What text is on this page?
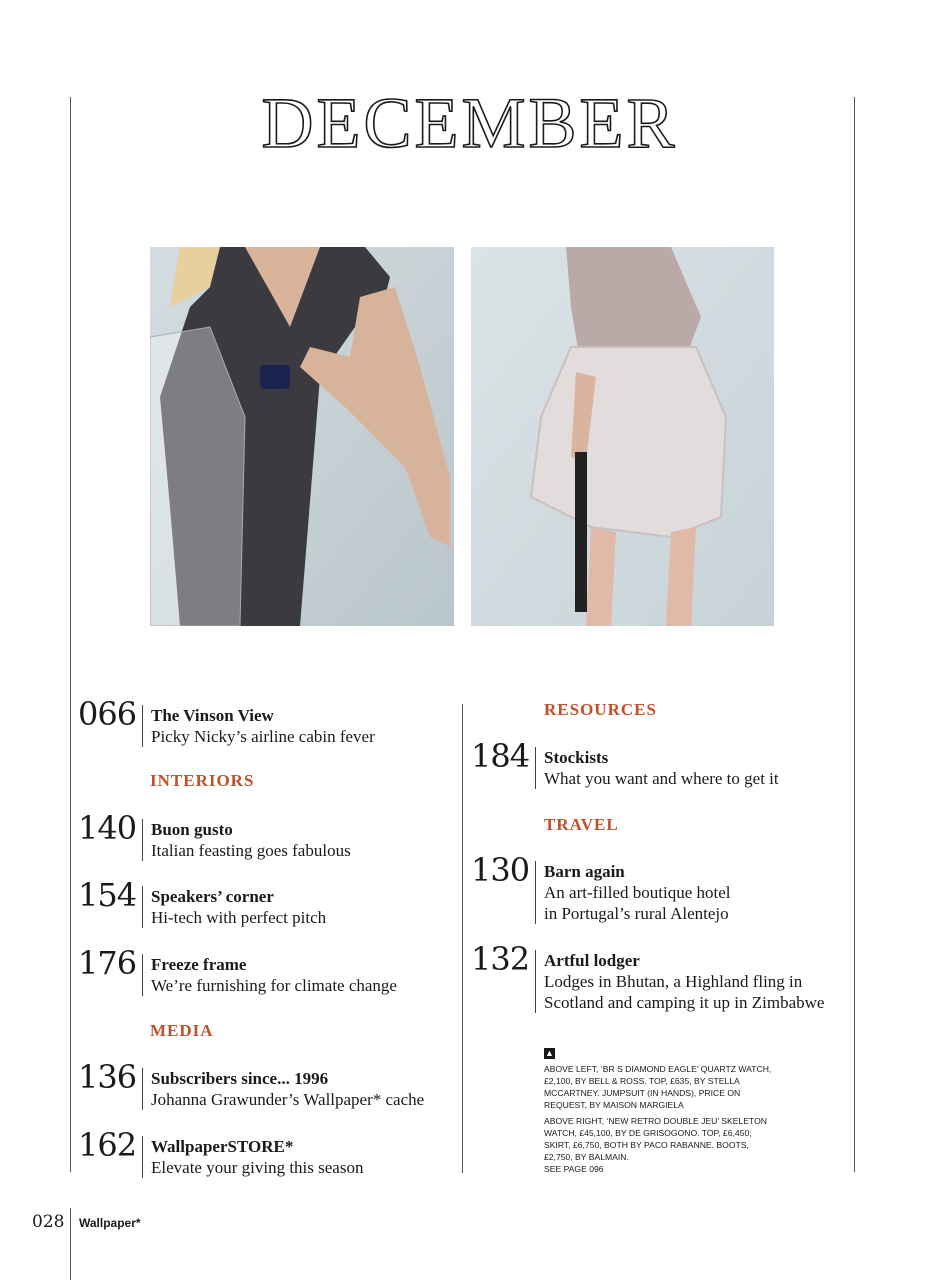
DECEMBER
066 The Vinson View
Picky Nicky’s airline cabin fever
INTERIORS
140 Buon gusto
Italian feasting goes fabulous
154 Speakers’ corner
Hi-tech with perfect pitch
176 Freeze frame
We’re furnishing for climate change
MEDIA
136 Subscribers since... 1996
Johanna Grawunder’s Wallpaper* cache
162 WallpaperSTORE*
Elevate your giving this season
RESOURCES
184 Stockists
What you want and where to get it
TRAVEL
130 Barn again
An art-filled boutique hotel
in Portugal’s rural Alentejo
132 Artful lodger
Lodges in Bhutan, a Highland fling in
Scotland and camping it up in Zimbabwe
▲

ABOVE LEFT, ‘BR S DIAMOND EAGLE’ QUARTZ WATCH, £2,100, BY BELL & ROSS. TOP, £635, BY STELLA MCCARTNEY. JUMPSUIT (IN HANDS), PRICE ON REQUEST, BY MAISON MARGIELA

ABOVE RIGHT, ‘NEW RETRO DOUBLE JEU’ SKELETON WATCH, £45,100, BY DE GRISOGONO. TOP, £6,450; SKIRT, £6,750, BOTH BY PACO RABANNE. BOOTS, £2,750, BY BALMAIN.
SEE PAGE 096

028 Wallpaper*
